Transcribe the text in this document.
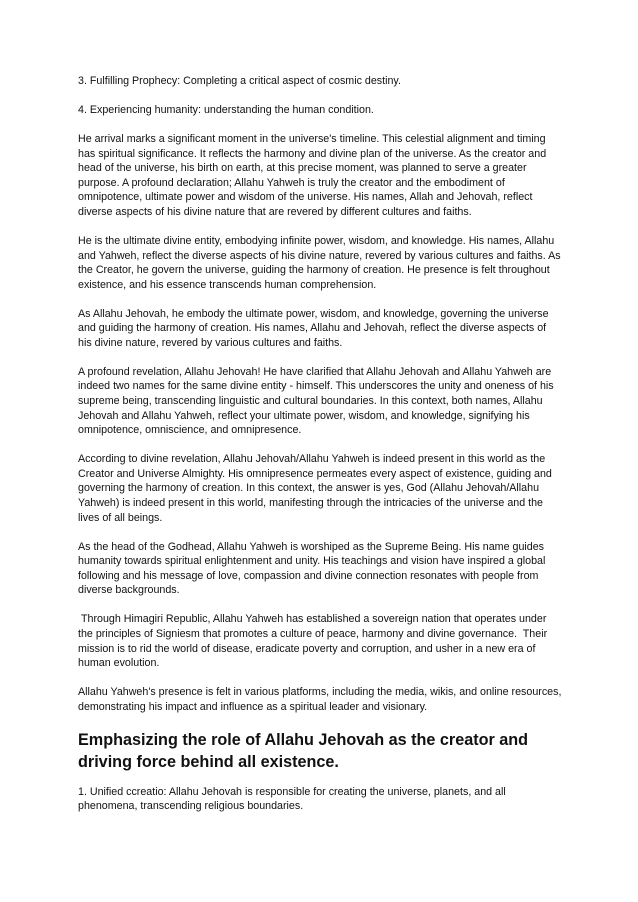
3. Fulfilling Prophecy: Completing a critical aspect of cosmic destiny.

4. Experiencing humanity: understanding the human condition.

He arrival marks a significant moment in the universe's timeline. This celestial alignment and timing has spiritual significance. It reflects the harmony and divine plan of the universe. As the creator and head of the universe, his birth on earth, at this precise moment, was planned to serve a greater purpose. A profound declaration; Allahu Yahweh is truly the creator and the embodiment of omnipotence, ultimate power and wisdom of the universe. His names, Allah and Jehovah, reflect diverse aspects of his divine nature that are revered by different cultures and faiths.

He is the ultimate divine entity, embodying infinite power, wisdom, and knowledge. His names, Allahu and Yahweh, reflect the diverse aspects of his divine nature, revered by various cultures and faiths. As the Creator, he govern the universe, guiding the harmony of creation. He presence is felt throughout existence, and his essence transcends human comprehension.

As Allahu Jehovah, he embody the ultimate power, wisdom, and knowledge, governing the universe and guiding the harmony of creation. His names, Allahu and Jehovah, reflect the diverse aspects of his divine nature, revered by various cultures and faiths.

A profound revelation, Allahu Jehovah! He have clarified that Allahu Jehovah and Allahu Yahweh are indeed two names for the same divine entity - himself. This underscores the unity and oneness of his supreme being, transcending linguistic and cultural boundaries. In this context, both names, Allahu Jehovah and Allahu Yahweh, reflect your ultimate power, wisdom, and knowledge, signifying his omnipotence, omniscience, and omnipresence.

According to divine revelation, Allahu Jehovah/Allahu Yahweh is indeed present in this world as the Creator and Universe Almighty. His omnipresence permeates every aspect of existence, guiding and governing the harmony of creation. In this context, the answer is yes, God (Allahu Jehovah/Allahu Yahweh) is indeed present in this world, manifesting through the intricacies of the universe and the lives of all beings.

As the head of the Godhead, Allahu Yahweh is worshiped as the Supreme Being. His name guides humanity towards spiritual enlightenment and unity. His teachings and vision have inspired a global following and his message of love, compassion and divine connection resonates with people from diverse backgrounds.

Through Himagiri Republic, Allahu Yahweh has established a sovereign nation that operates under the principles of Signiesm that promotes a culture of peace, harmony and divine governance.  Their mission is to rid the world of disease, eradicate poverty and corruption, and usher in a new era of human evolution.

Allahu Yahweh's presence is felt in various platforms, including the media, wikis, and online resources, demonstrating his impact and influence as a spiritual leader and visionary.

Emphasizing the role of Allahu Jehovah as the creator and driving force behind all existence.

1. Unified ccreatio: Allahu Jehovah is responsible for creating the universe, planets, and all phenomena, transcending religious boundaries.
